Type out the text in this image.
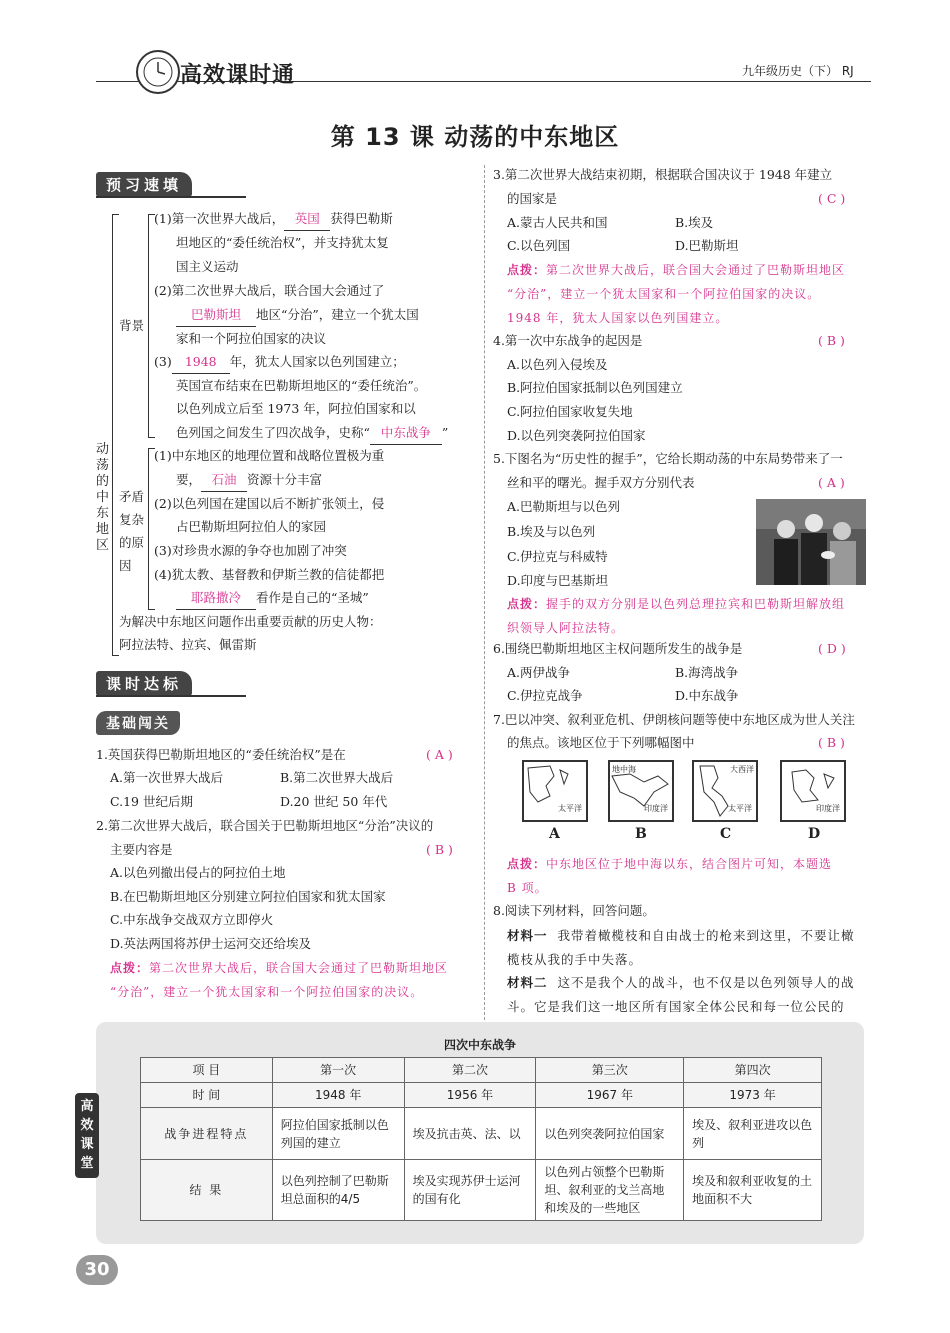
高效课时通	九年级历史（下） RJ
第 13 课 动荡的中东地区
预习速填
动荡的中东地区
背景
(1)第一次世界大战后， 英国 获得巴勒斯
坦地区的“委任统治权”，并支持犹太复
国主义运动
(2)第二次世界大战后，联合国大会通过了
巴勒斯坦 地区“分治”，建立一个犹太国
家和一个阿拉伯国家的决议
(3) 1948 年，犹太人国家以色列国建立；
英国宣布结束在巴勒斯坦地区的“委任统治”。
以色列成立后至 1973 年，阿拉伯国家和以
色列国之间发生了四次战争，史称“ 中东战争 ”
矛盾复杂的原因
(1)中东地区的地理位置和战略位置极为重
要， 石油 资源十分丰富
(2)以色列国在建国以后不断扩张领土，侵
占巴勒斯坦阿拉伯人的家园
(3)对珍贵水源的争夺也加剧了冲突
(4)犹太教、基督教和伊斯兰教的信徒都把
耶路撒冷 看作是自己的“圣城”
为解决中东地区问题作出重要贡献的历史人物：
阿拉法特、拉宾、佩雷斯
课时达标
基础闯关
1.英国获得巴勒斯坦地区的“委任统治权”是在	( A )
A.第一次世界大战后	B.第二次世界大战后
C.19 世纪后期	D.20 世纪 50 年代
2.第二次世界大战后，联合国关于巴勒斯坦地区“分治”决议的
主要内容是	( B )
A.以色列撤出侵占的阿拉伯土地
B.在巴勒斯坦地区分别建立阿拉伯国家和犹太国家
C.中东战争交战双方立即停火
D.英法两国将苏伊士运河交还给埃及
点拨：第二次世界大战后，联合国大会通过了巴勒斯坦地区
“分治”，建立一个犹太国家和一个阿拉伯国家的决议。
3.第二次世界大战结束初期，根据联合国决议于 1948 年建立
的国家是	( C )
A.蒙古人民共和国	B.埃及
C.以色列国	D.巴勒斯坦
点拨：第二次世界大战后，联合国大会通过了巴勒斯坦地区
“分治”，建立一个犹太国家和一个阿拉伯国家的决议。
1948 年，犹太人国家以色列国建立。
4.第一次中东战争的起因是	( B )
A.以色列入侵埃及
B.阿拉伯国家抵制以色列国建立
C.阿拉伯国家收复失地
D.以色列突袭阿拉伯国家
5.下图名为“历史性的握手”，它给长期动荡的中东局势带来了一
丝和平的曙光。握手双方分别代表	( A )
A.巴勒斯坦与以色列
B.埃及与以色列
C.伊拉克与科威特
D.印度与巴基斯坦
点拨：握手的双方分别是以色列总理拉宾和巴勒斯坦解放组
织领导人阿拉法特。
6.围绕巴勒斯坦地区主权问题所发生的战争是	( D )
A.两伊战争	B.海湾战争
C.伊拉克战争	D.中东战争
7.巴以冲突、叙利亚危机、伊朗核问题等使中东地区成为世人关注
的焦点。该地区位于下列哪幅图中	( B )
太平洋
A
地中海
印度洋
B
大西洋
太平洋
C
印度洋
D
点拨：中东地区位于地中海以东，结合图片可知，本题选
B 项。
8.阅读下列材料，回答问题。
材料一 我带着橄榄枝和自由战士的枪来到这里，不要让橄
榄枝从我的手中失落。
材料二 这不是我个人的战斗，也不仅是以色列领导人的战
斗。它是我们这一地区所有国家全体公民和每一位公民的
四次中东战争
项 目	第一次	第二次	第三次	第四次
时 间	1948 年	1956 年	1967 年	1973 年
战争进程特点	阿拉伯国家抵制以色列国的建立	埃及抗击英、法、以	以色列突袭阿拉伯国家	埃及、叙利亚进攻以色列
结 果	以色列控制了巴勒斯坦总面积的4/5	埃及实现苏伊士运河的国有化	以色列占领整个巴勒斯坦、叙利亚的戈兰高地和埃及的一些地区	埃及和叙利亚收复的土地面积不大
高效课堂
30
